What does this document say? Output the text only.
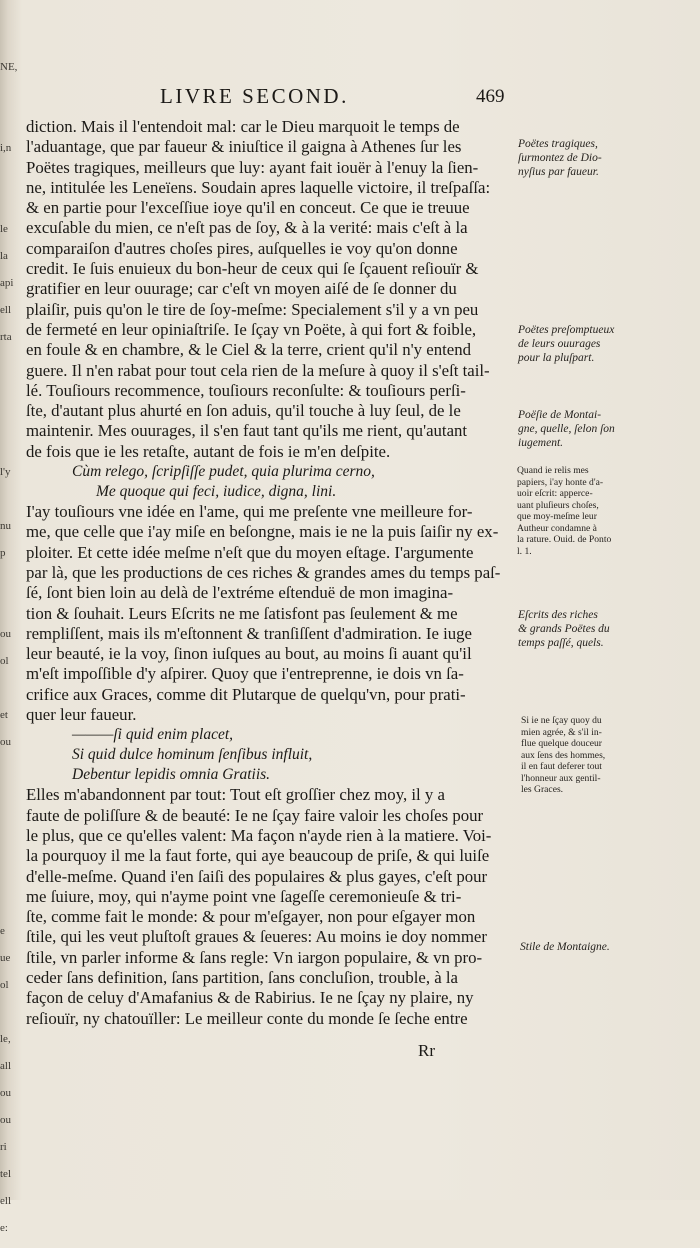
NE,
i,n
le
la
api
ell
rta
l'y
nu
p
ou
ol
et
ou
e
ue
ol
le,
all
ou
ou
ri
tel
ell
e:
LIVRE SECOND.	469
diction. Mais il l'entendoit mal: car le Dieu marquoit le temps de
l'aduantage, que par faueur & iniuſtice il gaigna à Athenes ſur les
Poëtes tragiques, meilleurs que luy: ayant fait iouër à l'enuy la ſien-
ne, intitulée les Leneïens. Soudain apres laquelle victoire, il treſpaſſa:
& en partie pour l'exceſſiue ioye qu'il en conceut. Ce que ie treuue
excuſable du mien, ce n'eſt pas de ſoy, & à la verité: mais c'eſt à la
comparaiſon d'autres choſes pires, auſquelles ie voy qu'on donne
credit. Ie ſuis enuieux du bon-heur de ceux qui ſe ſçauent reſiouïr &
gratifier en leur ouurage; car c'eſt vn moyen aiſé de ſe donner du
plaiſir, puis qu'on le tire de ſoy-meſme: Specialement s'il y a vn peu
de fermeté en leur opiniaſtriſe. Ie ſçay vn Poëte, à qui fort & foible,
en foule & en chambre, & le Ciel & la terre, crient qu'il n'y entend
guere. Il n'en rabat pour tout cela rien de la meſure à quoy il s'eſt tail-
lé. Touſiours recommence, touſiours reconſulte: & touſiours perſi-
ſte, d'autant plus ahurté en ſon aduis, qu'il touche à luy ſeul, de le
maintenir. Mes ouurages, il s'en faut tant qu'ils me rient, qu'autant
de fois que ie les retaſte, autant de fois ie m'en deſpite.
Cùm relego, ſcripſiſſe pudet, quia plurima cerno,
Me quoque qui feci, iudice, digna, lini.
I'ay touſiours vne idée en l'ame, qui me preſente vne meilleure for-
me, que celle que i'ay miſe en beſongne, mais ie ne la puis ſaiſir ny ex-
ploiter. Et cette idée meſme n'eſt que du moyen eſtage. I'argumente
par là, que les productions de ces riches & grandes ames du temps paſ-
ſé, ſont bien loin au delà de l'extréme eſtenduë de mon imagina-
tion & ſouhait. Leurs Eſcrits ne me ſatisfont pas ſeulement & me
rempliſſent, mais ils m'eſtonnent & tranſiſſent d'admiration. Ie iuge
leur beauté, ie la voy, ſinon iuſques au bout, au moins ſi auant qu'il
m'eſt impoſſible d'y aſpirer. Quoy que i'entreprenne, ie dois vn ſa-
crifice aux Graces, comme dit Plutarque de quelqu'vn, pour prati-
quer leur faueur.
———ſi quid enim placet,
Si quid dulce hominum ſenſibus influit,
Debentur lepidis omnia Gratiis.
Elles m'abandonnent par tout: Tout eſt groſſier chez moy, il y a
faute de poliſſure & de beauté: Ie ne ſçay faire valoir les choſes pour
le plus, que ce qu'elles valent: Ma façon n'ayde rien à la matiere. Voi-
la pourquoy il me la faut forte, qui aye beaucoup de priſe, & qui luiſe
d'elle-meſme. Quand i'en ſaiſi des populaires & plus gayes, c'eſt pour
me ſuiure, moy, qui n'ayme point vne ſageſſe ceremonieuſe & tri-
ſte, comme fait le monde: & pour m'eſgayer, non pour eſgayer mon
ſtile, qui les veut pluſtoſt graues & ſeueres: Au moins ie doy nommer
ſtile, vn parler informe & ſans regle: Vn iargon populaire, & vn pro-
ceder ſans definition, ſans partition, ſans concluſion, trouble, à la
façon de celuy d'Amafanius & de Rabirius. Ie ne ſçay ny plaire, ny
reſiouïr, ny chatouïller: Le meilleur conte du monde ſe ſeche entre
Poëtes tragiques,
ſurmontez de Dio-
nyſius par faueur.
Poëtes preſomptueux
de leurs ouurages
pour la pluſpart.
Poëſie de Montai-
gne, quelle, ſelon ſon
iugement.
Quand ie relis mes
papiers, i'ay honte d'a-
uoir eſcrit: apperce-
uant pluſieurs choſes,
que moy-meſme leur
Autheur condamne à
la rature. Ouid. de Ponto
l. 1.
Eſcrits des riches
& grands Poëtes du
temps paſſé, quels.
Si ie ne ſçay quoy du
mien agrée, & s'il in-
flue quelque douceur
aux ſens des hommes,
il en faut deferer tout
l'honneur aux gentil-
les Graces.
Stile de Montaigne.
Rr
